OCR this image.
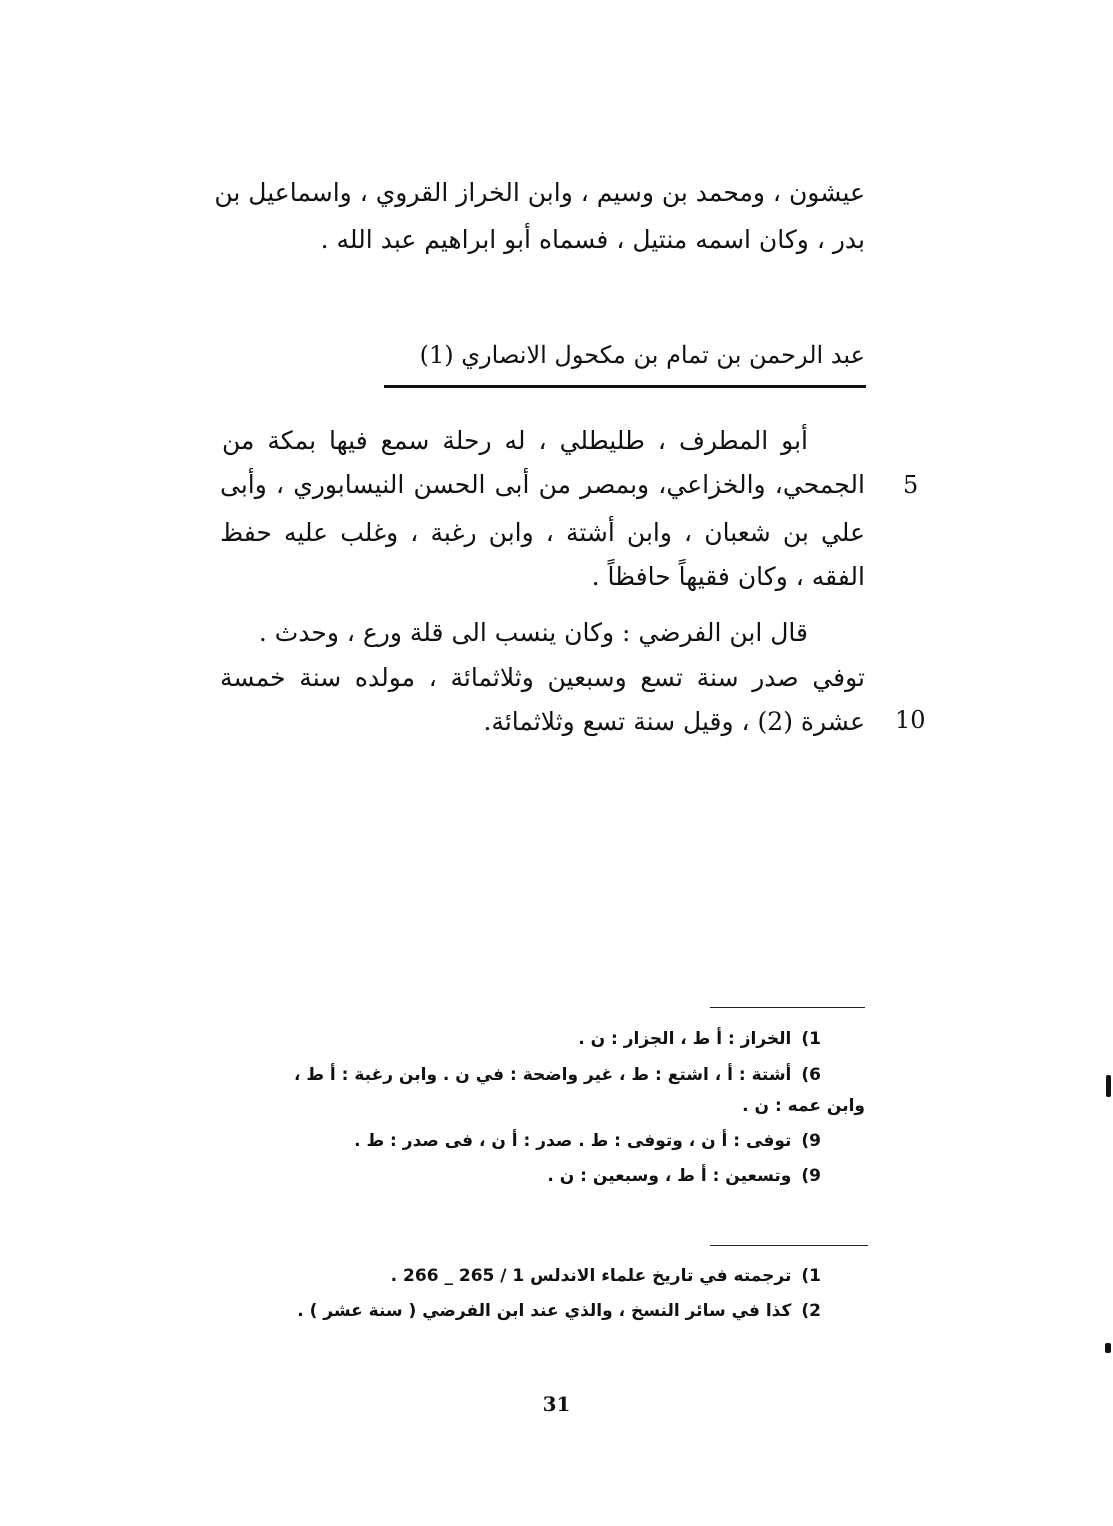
عيشون ، ومحمد بن وسيم ، وابن الخراز القروي ، واسماعيل بن
بدر ، وكان اسمه منتيل ، فسماه أبو ابراهيم عبد الله .
عبد الرحمن بن تمام بن مكحول الانصاري (1)
أبو المطرف ، طليطلي ، له رحلة سمع فيها بمكة من
الجمحي، والخزاعي، وبمصر من أبى الحسن النيسابوري ، وأبى
علي بن شعبان ، وابن أشتة ، وابن رغبة ، وغلب عليه حفظ
الفقه ، وكان فقيهاً حافظاً .
قال ابن الفرضي : وكان ينسب الى قلة ورع ، وحدث .
توفي صدر سنة تسع وسبعين وثلاثمائة ، مولده سنة خمسة
عشرة (2) ، وقيل سنة تسع وثلاثمائة.
5
10
1)الخراز : أ ط ، الجزار : ن .
6)أشتة : أ ، اشتع : ط ، غير واضحة : في ن . وابن رغبة : أ ط ،
وابن عمه : ن .
9)توفى : أ ن ، وتوفى : ط . صدر : أ ن ، فى صدر : ط .
9)وتسعين : أ ط ، وسبعين : ن .
1)ترجمته في تاريخ علماء الاندلس 1 / 265 _ 266 .
2)كذا في سائر النسخ ، والذي عند ابن الفرضي ( سنة عشر ) .
31
